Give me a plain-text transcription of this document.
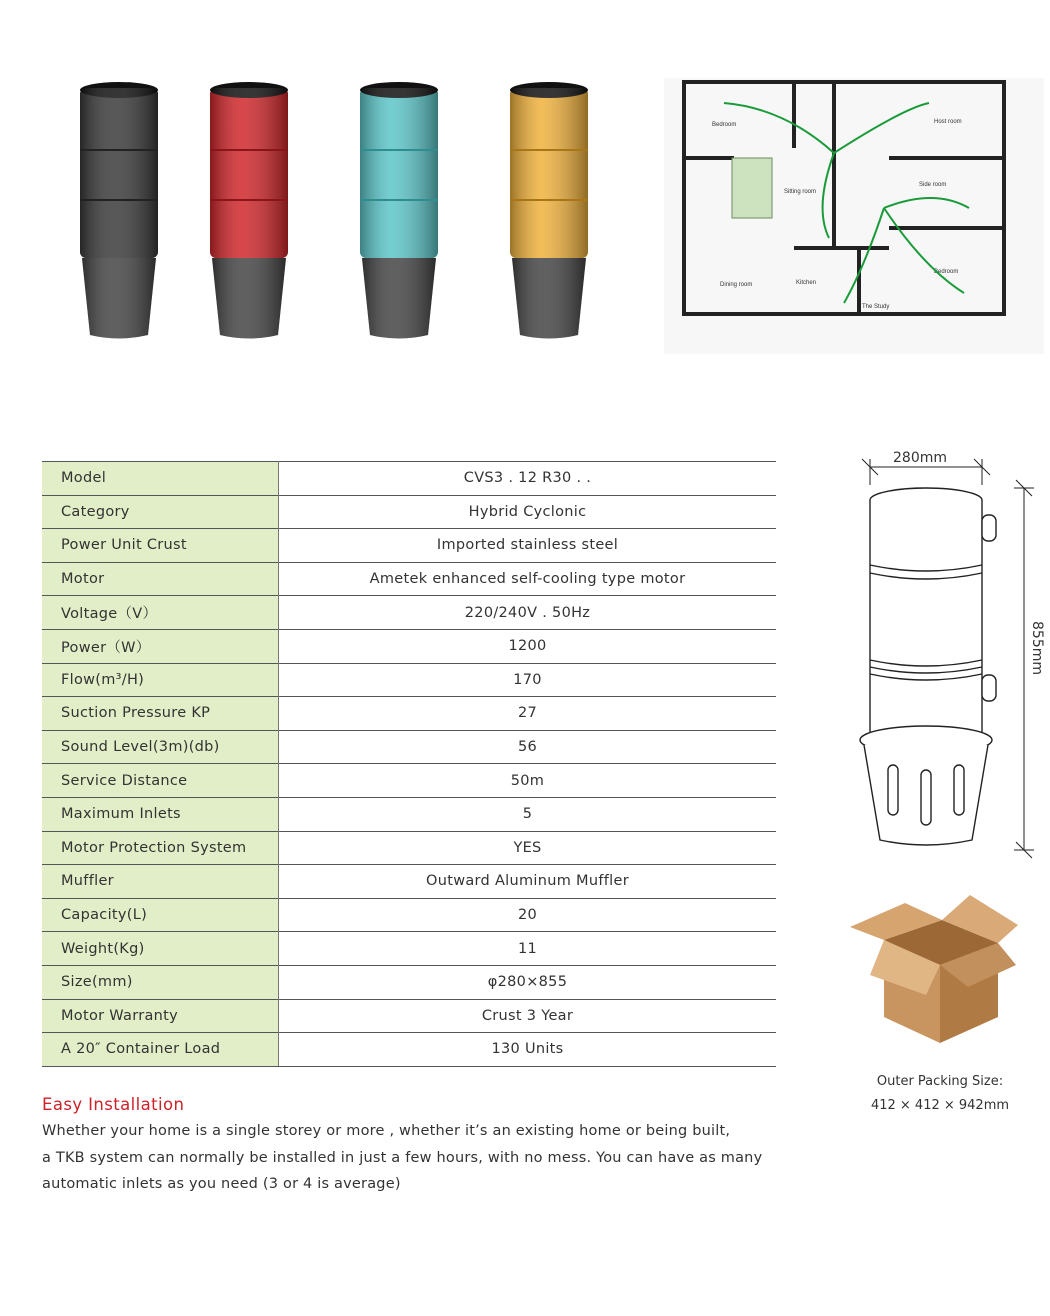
Bedroom	Host room
Sitting room
Side room
Bedroom
Dining room	Kitchen
The Study
Model	CVS3 . 12 R30 . .
Category	Hybrid Cyclonic
Power Unit Crust	Imported stainless steel
Motor	Ametek enhanced self-cooling type motor
Voltage（V）	220/240V . 50Hz
Power（W）	1200
Flow(m³/H)	170
Suction Pressure KP	27
Sound Level(3m)(db)	56
Service Distance	50m
Maximum Inlets	5
Motor Protection System	YES
Muffler	Outward Aluminum Muffler
Capacity(L)	20
Weight(Kg)	11
Size(mm)	φ280×855
Motor Warranty	Crust 3 Year
A 20″ Container Load	130 Units
280mm
855mm
Outer Packing Size:
412 × 412 × 942mm
Easy Installation

Whether your home is a single storey or more , whether it’s an existing home or being built,

a TKB system can normally be installed in just a few hours, with no mess. You can have as many

automatic inlets as you need (3 or 4 is average)
